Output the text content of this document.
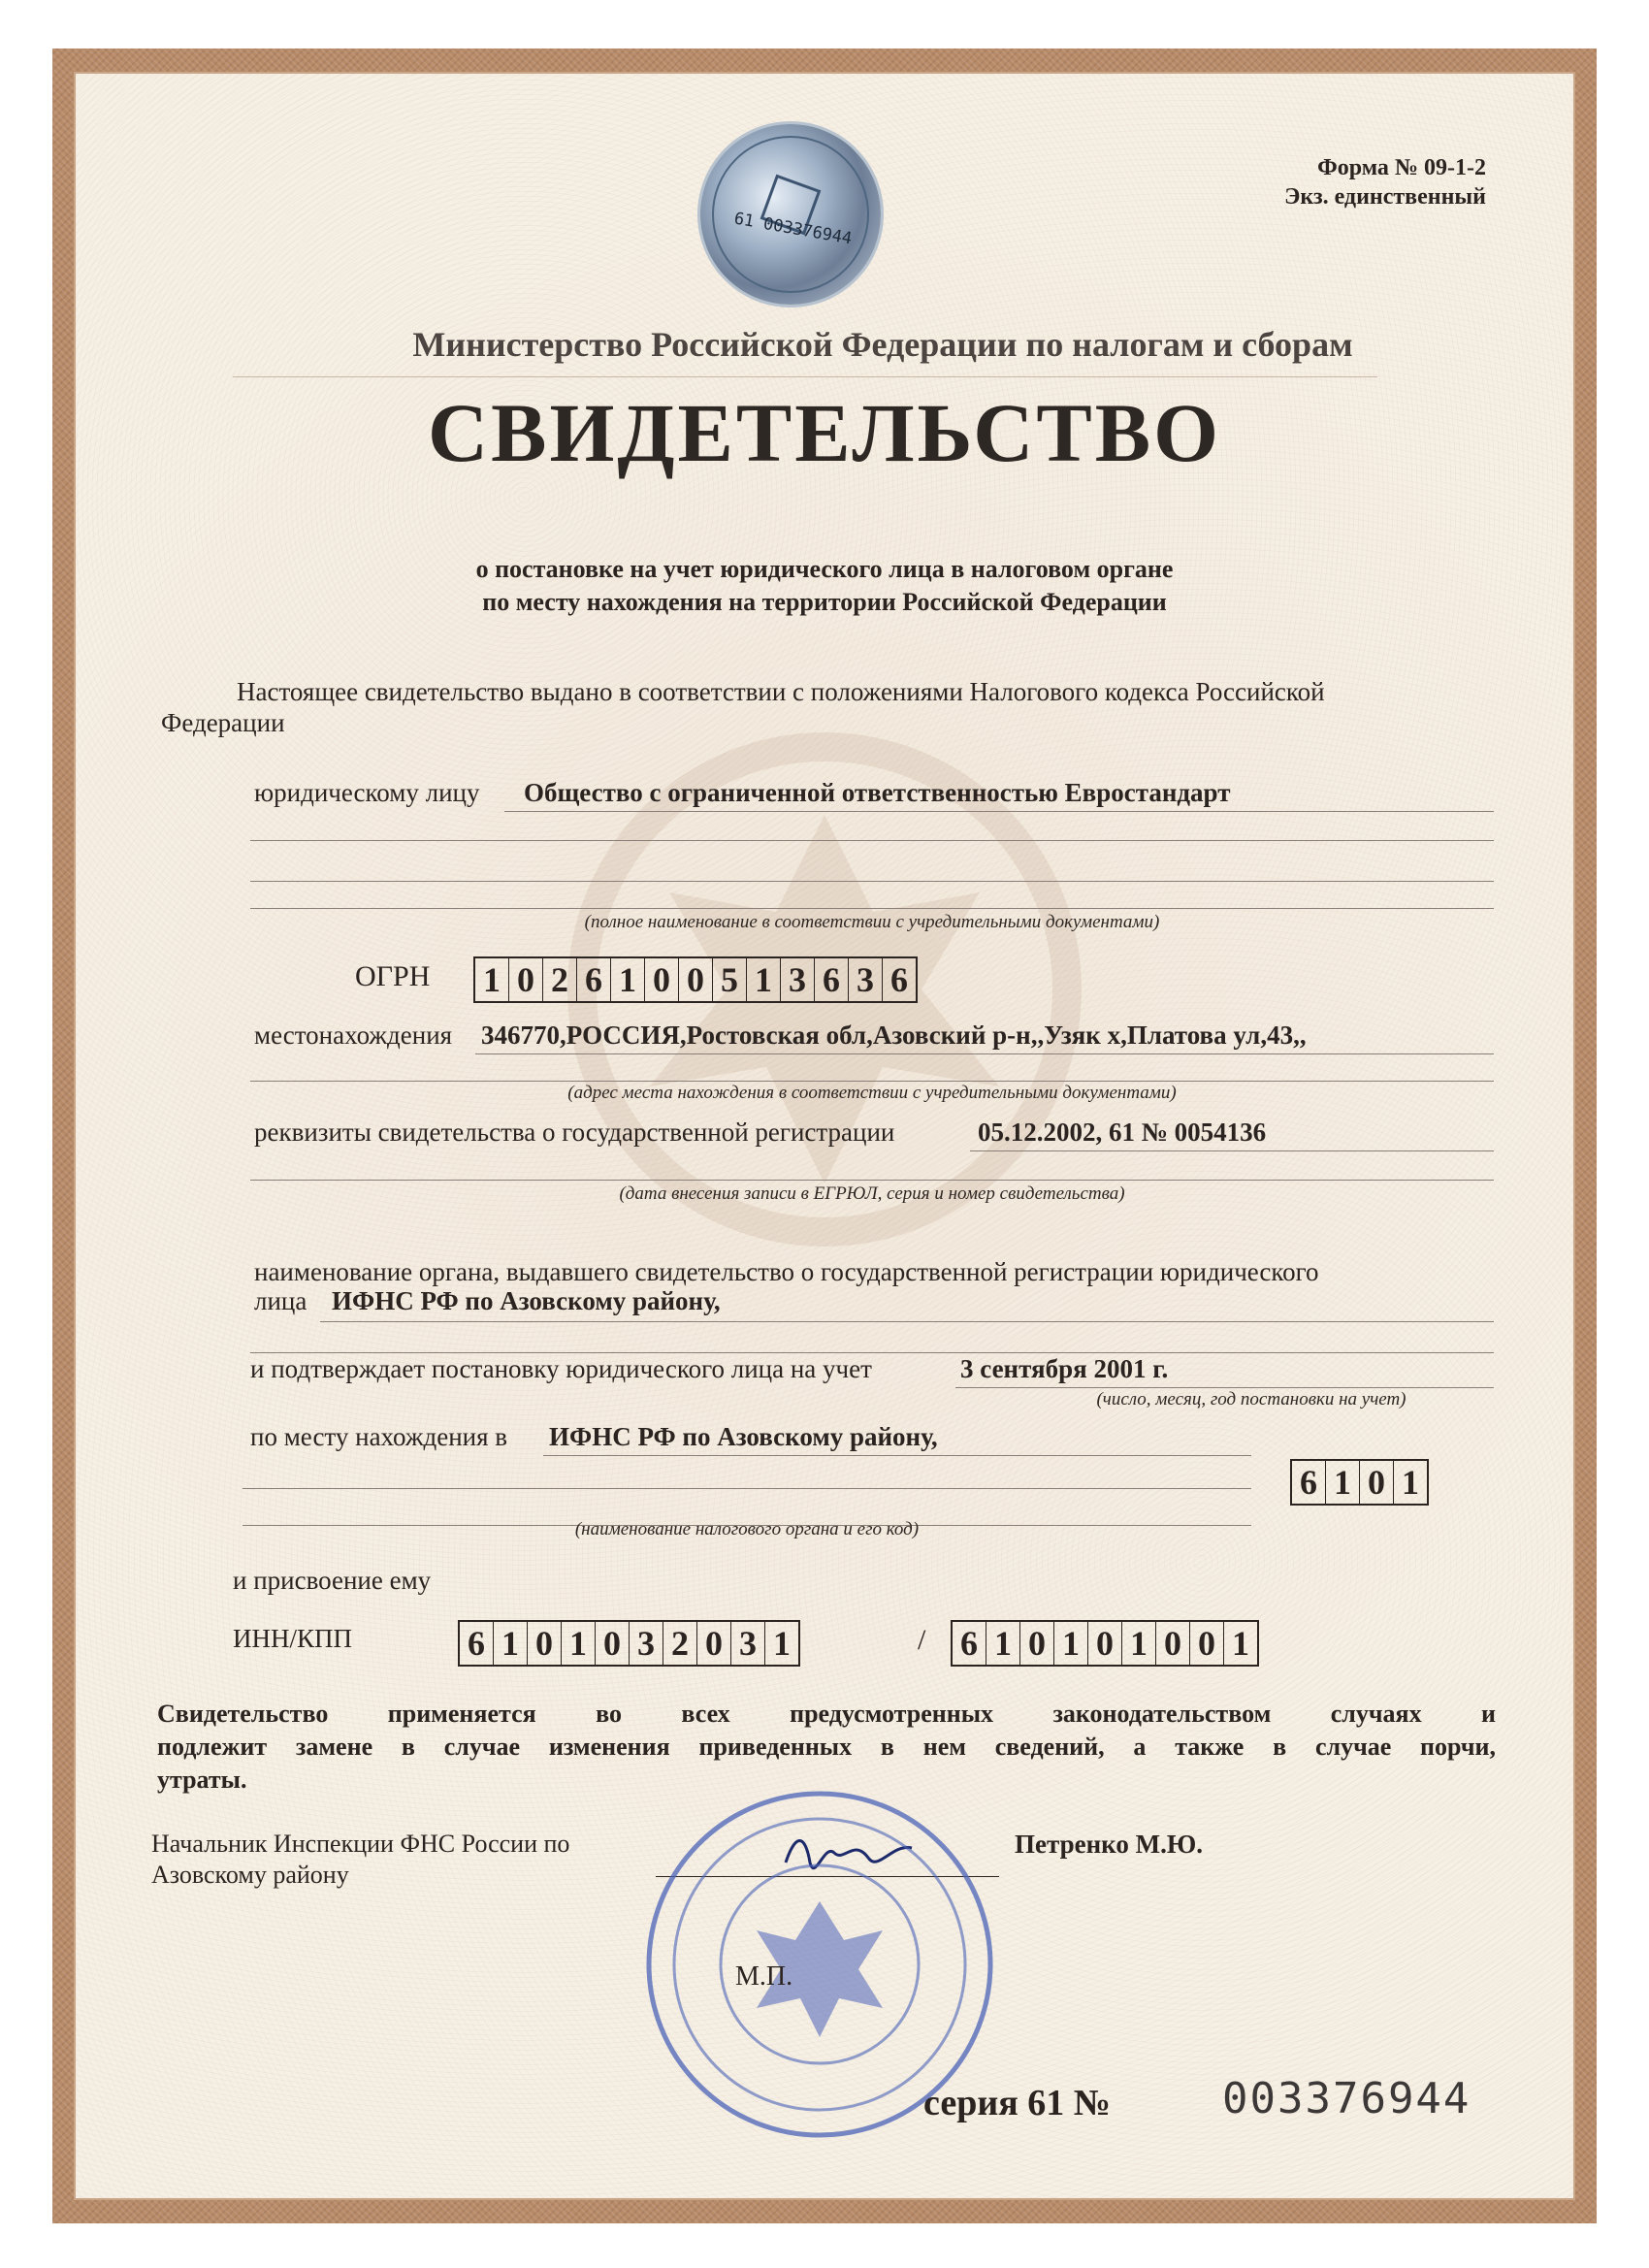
61 003376944
Форма № 09-1-2
Экз. единственный
Министерство Российской Федерации по налогам и сборам
СВИДЕТЕЛЬСТВО
о постановке на учет юридического лица в налоговом органе
по месту нахождения на территории Российской Федерации
Настоящее свидетельство выдано в соответствии с положениями Налогового кодекса Российской
Федерации
юридическому лицу Общество с ограниченной ответственностью Евростандарт
(полное наименование в соответствии с учредительными документами)
ОГРН 1 0 2 6 1 0 0 5 1 3 6 3 6
местонахождения 346770,РОССИЯ,Ростовская обл,Азовский р-н,,Узяк х,Платова ул,43,,
(адрес места нахождения в соответствии с учредительными документами)
реквизиты свидетельства о государственной регистрации	05.12.2002, 61 № 0054136
(дата внесения записи в ЕГРЮЛ, серия и номер свидетельства)
наименование органа, выдавшего свидетельство о государственной регистрации юридического
лица ИФНС РФ по Азовскому району,
и подтверждает постановку юридического лица на учет	3 сентября 2001 г.
(число, месяц, год постановки на учет)
по месту нахождения в ИФНС РФ по Азовскому району,
6 1 0 1
(наименование налогового органа и его код)
и присвоение ему
ИНН/КПП	6 1 0 1 0 3 2 0 3 1	/ 6 1 0 1 0 1 0 0 1
Свидетельство применяется во всех предусмотренных законодательством случаях и
подлежит замене в случае изменения приведенных в нем сведений, а также в случае порчи,
утраты.
Начальник Инспекции ФНС России по
Азовскому району
Петренко М.Ю.
М.П.
серия 61 №	003376944
